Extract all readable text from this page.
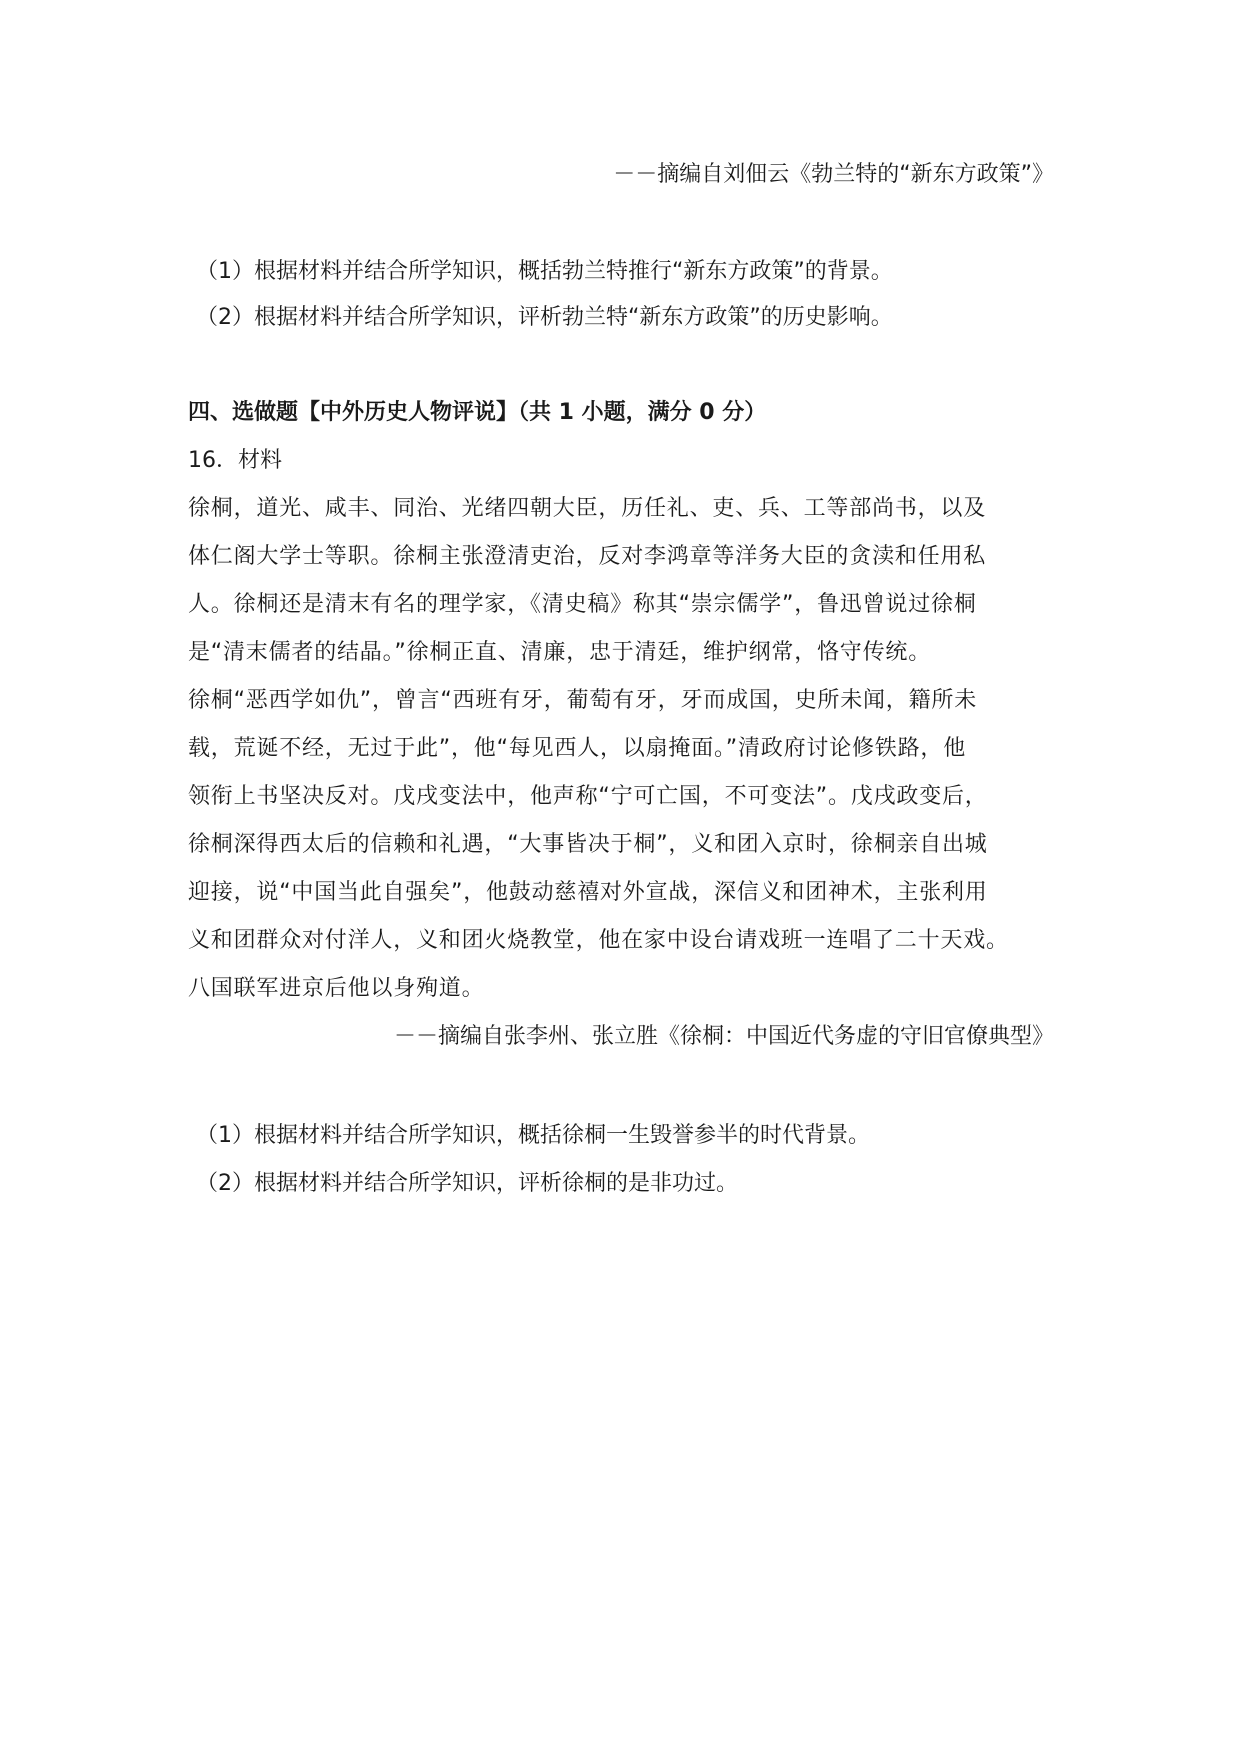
－－摘编自刘佃云《勃兰特的“新东方政策”》
（1）根据材料并结合所学知识，概括勃兰特推行“新东方政策”的背景。
（2）根据材料并结合所学知识，评析勃兰特“新东方政策”的历史影响。
四、选做题【中外历史人物评说】（共 1 小题，满分 0 分）
16．材料
徐桐，道光、咸丰、同治、光绪四朝大臣，历任礼、吏、兵、工等部尚书，以及
体仁阁大学士等职。徐桐主张澄清吏治，反对李鸿章等洋务大臣的贪渎和任用私
人。徐桐还是清末有名的理学家，《清史稿》称其“崇宗儒学”，鲁迅曾说过徐桐
是“清末儒者的结晶。”徐桐正直、清廉，忠于清廷，维护纲常，恪守传统。
徐桐“恶西学如仇”，曾言“西班有牙，葡萄有牙，牙而成国，史所未闻，籍所未
载，荒诞不经，无过于此”，他“每见西人，以扇掩面。”清政府讨论修铁路，他
领衔上书坚决反对。戊戌变法中，他声称“宁可亡国，不可变法”。戊戌政变后，
徐桐深得西太后的信赖和礼遇，“大事皆决于桐”，义和团入京时，徐桐亲自出城
迎接，说“中国当此自强矣”，他鼓动慈禧对外宣战，深信义和团神术，主张利用
义和团群众对付洋人，义和团火烧教堂，他在家中设台请戏班一连唱了二十天戏。
八国联军进京后他以身殉道。
－－摘编自张李州、张立胜《徐桐：中国近代务虚的守旧官僚典型》
（1）根据材料并结合所学知识，概括徐桐一生毁誉参半的时代背景。
（2）根据材料并结合所学知识，评析徐桐的是非功过。
